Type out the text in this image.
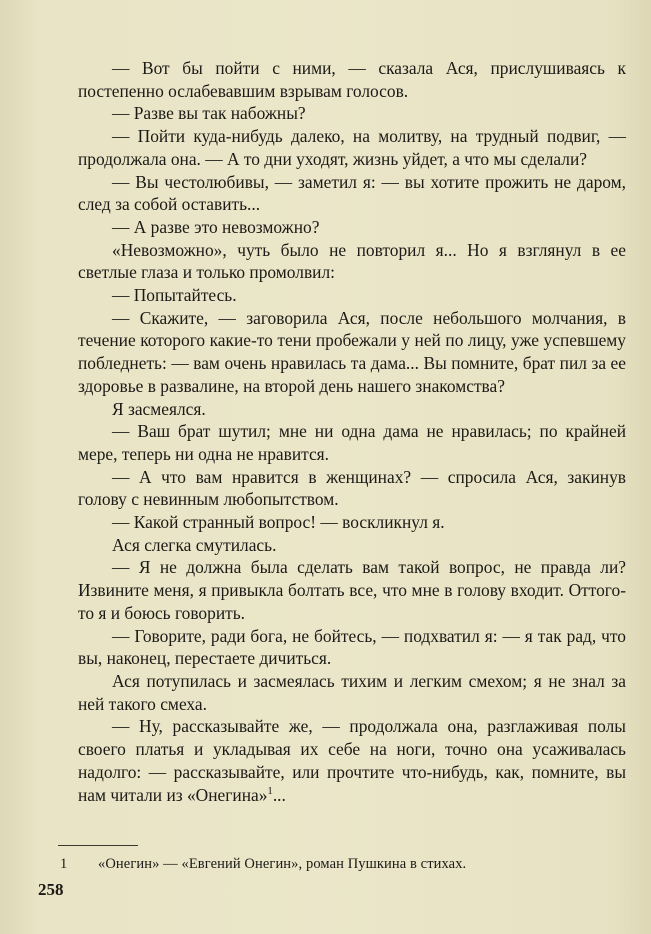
— Вот бы пойти с ними, — сказала Ася, прислушиваясь к постепенно ослабевавшим взрывам голосов.

— Разве вы так набожны?

— Пойти куда-нибудь далеко, на молитву, на трудный подвиг, — продолжала она. — А то дни уходят, жизнь уйдет, а что мы сделали?

— Вы честолюбивы, — заметил я: — вы хотите прожить не даром, след за собой оставить...

— А разве это невозможно?

«Невозможно», чуть было не повторил я... Но я взглянул в ее светлые глаза и только промолвил:

— Попытайтесь.

— Скажите, — заговорила Ася, после небольшого молчания, в течение которого какие-то тени пробежали у ней по лицу, уже успевшему побледнеть: — вам очень нравилась та дама... Вы помните, брат пил за ее здоровье в развалине, на второй день нашего знакомства?

Я засмеялся.

— Ваш брат шутил; мне ни одна дама не нравилась; по крайней мере, теперь ни одна не нравится.

— А что вам нравится в женщинах? — спросила Ася, закинув голову с невинным любопытством.

— Какой странный вопрос! — воскликнул я.

Ася слегка смутилась.

— Я не должна была сделать вам такой вопрос, не правда ли? Извините меня, я привыкла болтать все, что мне в голову входит. Оттого-то я и боюсь говорить.

— Говорите, ради бога, не бойтесь, — подхватил я: — я так рад, что вы, наконец, перестаете дичиться.

Ася потупилась и засмеялась тихим и легким смехом; я не знал за ней такого смеха.

— Ну, рассказывайте же, — продолжала она, разглаживая полы своего платья и укладывая их себе на ноги, точно она усаживалась надолго: — рассказывайте, или прочтите что-нибудь, как, помните, вы нам читали из «Онегина»$^1$...

1 «Онегин» — «Евгений Онегин», роман Пушкина в стихах.
258
